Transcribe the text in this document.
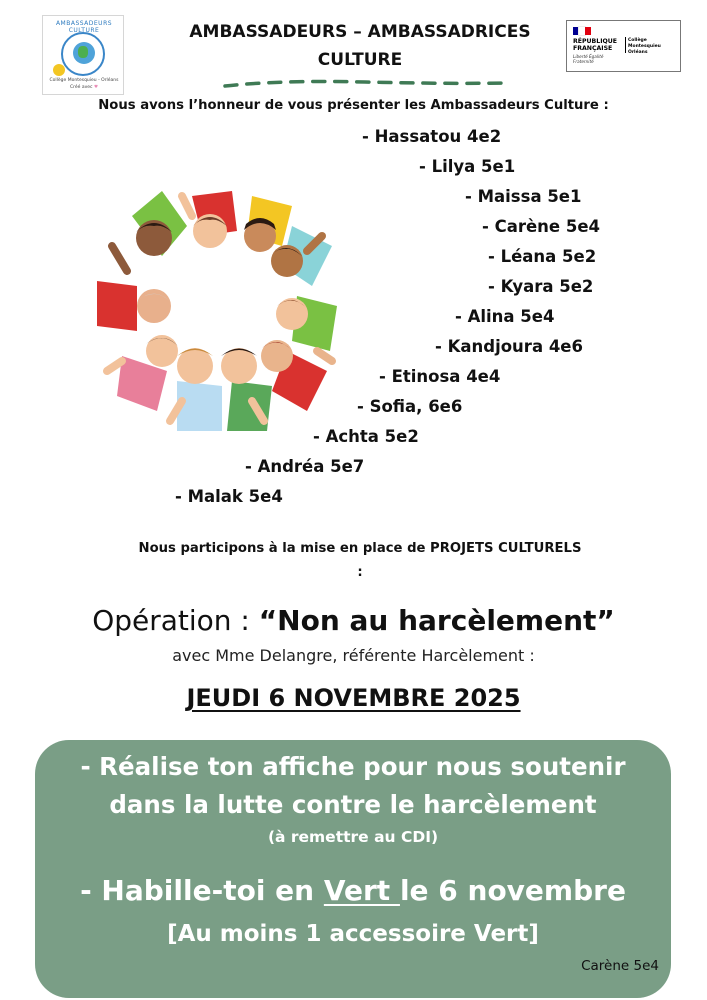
AMBASSADEURS CULTURE
Collège Montesquieu - Orléans
Créé avec ♥
AMBASSADEURS – AMBASSADRICES
CULTURE
RÉPUBLIQUE FRANÇAISE
Liberté Égalité Fraternité
Collège Montesquieu Orléans
Nous avons l’honneur de vous présenter les Ambassadeurs Culture :
- Hassatou 4e2
- Lilya 5e1
- Maissa 5e1
- Carène 5e4
- Léana 5e2
- Kyara 5e2
- Alina 5e4
- Kandjoura 4e6
- Etinosa 4e4
- Sofia, 6e6
- Achta 5e2
- Andréa 5e7
- Malak 5e4
Nous participons à la mise en place de PROJETS CULTURELS
:
Opération : “Non au harcèlement”
avec Mme Delangre, référente Harcèlement :
JEUDI 6 NOVEMBRE 2025
- Réalise ton affiche pour nous soutenir
dans la lutte contre le harcèlement
(à remettre au CDI)
- Habille-toi en Vert le 6 novembre
[Au moins 1 accessoire Vert]
Carène 5e4
